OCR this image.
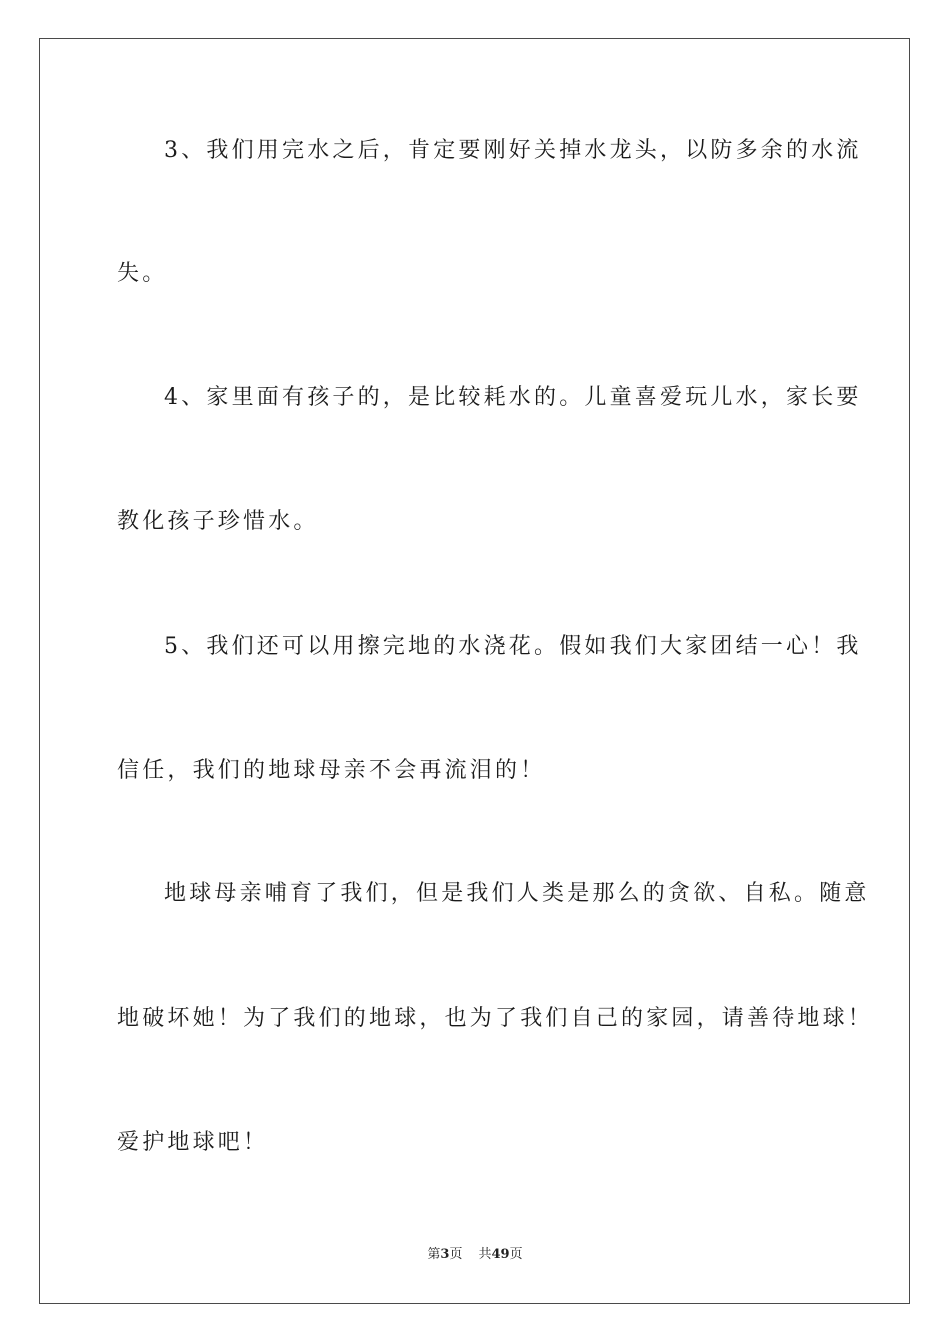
3、我们用完水之后，肯定要刚好关掉水龙头，以防多余的水流
失。
4、家里面有孩子的，是比较耗水的。儿童喜爱玩儿水，家长要
教化孩子珍惜水。
5、我们还可以用擦完地的水浇花。假如我们大家团结一心！我
信任，我们的地球母亲不会再流泪的！
地球母亲哺育了我们，但是我们人类是那么的贪欲、自私。随意
地破坏她！为了我们的地球，也为了我们自己的家园，请善待地球！
爱护地球吧！
第3页 共49页
